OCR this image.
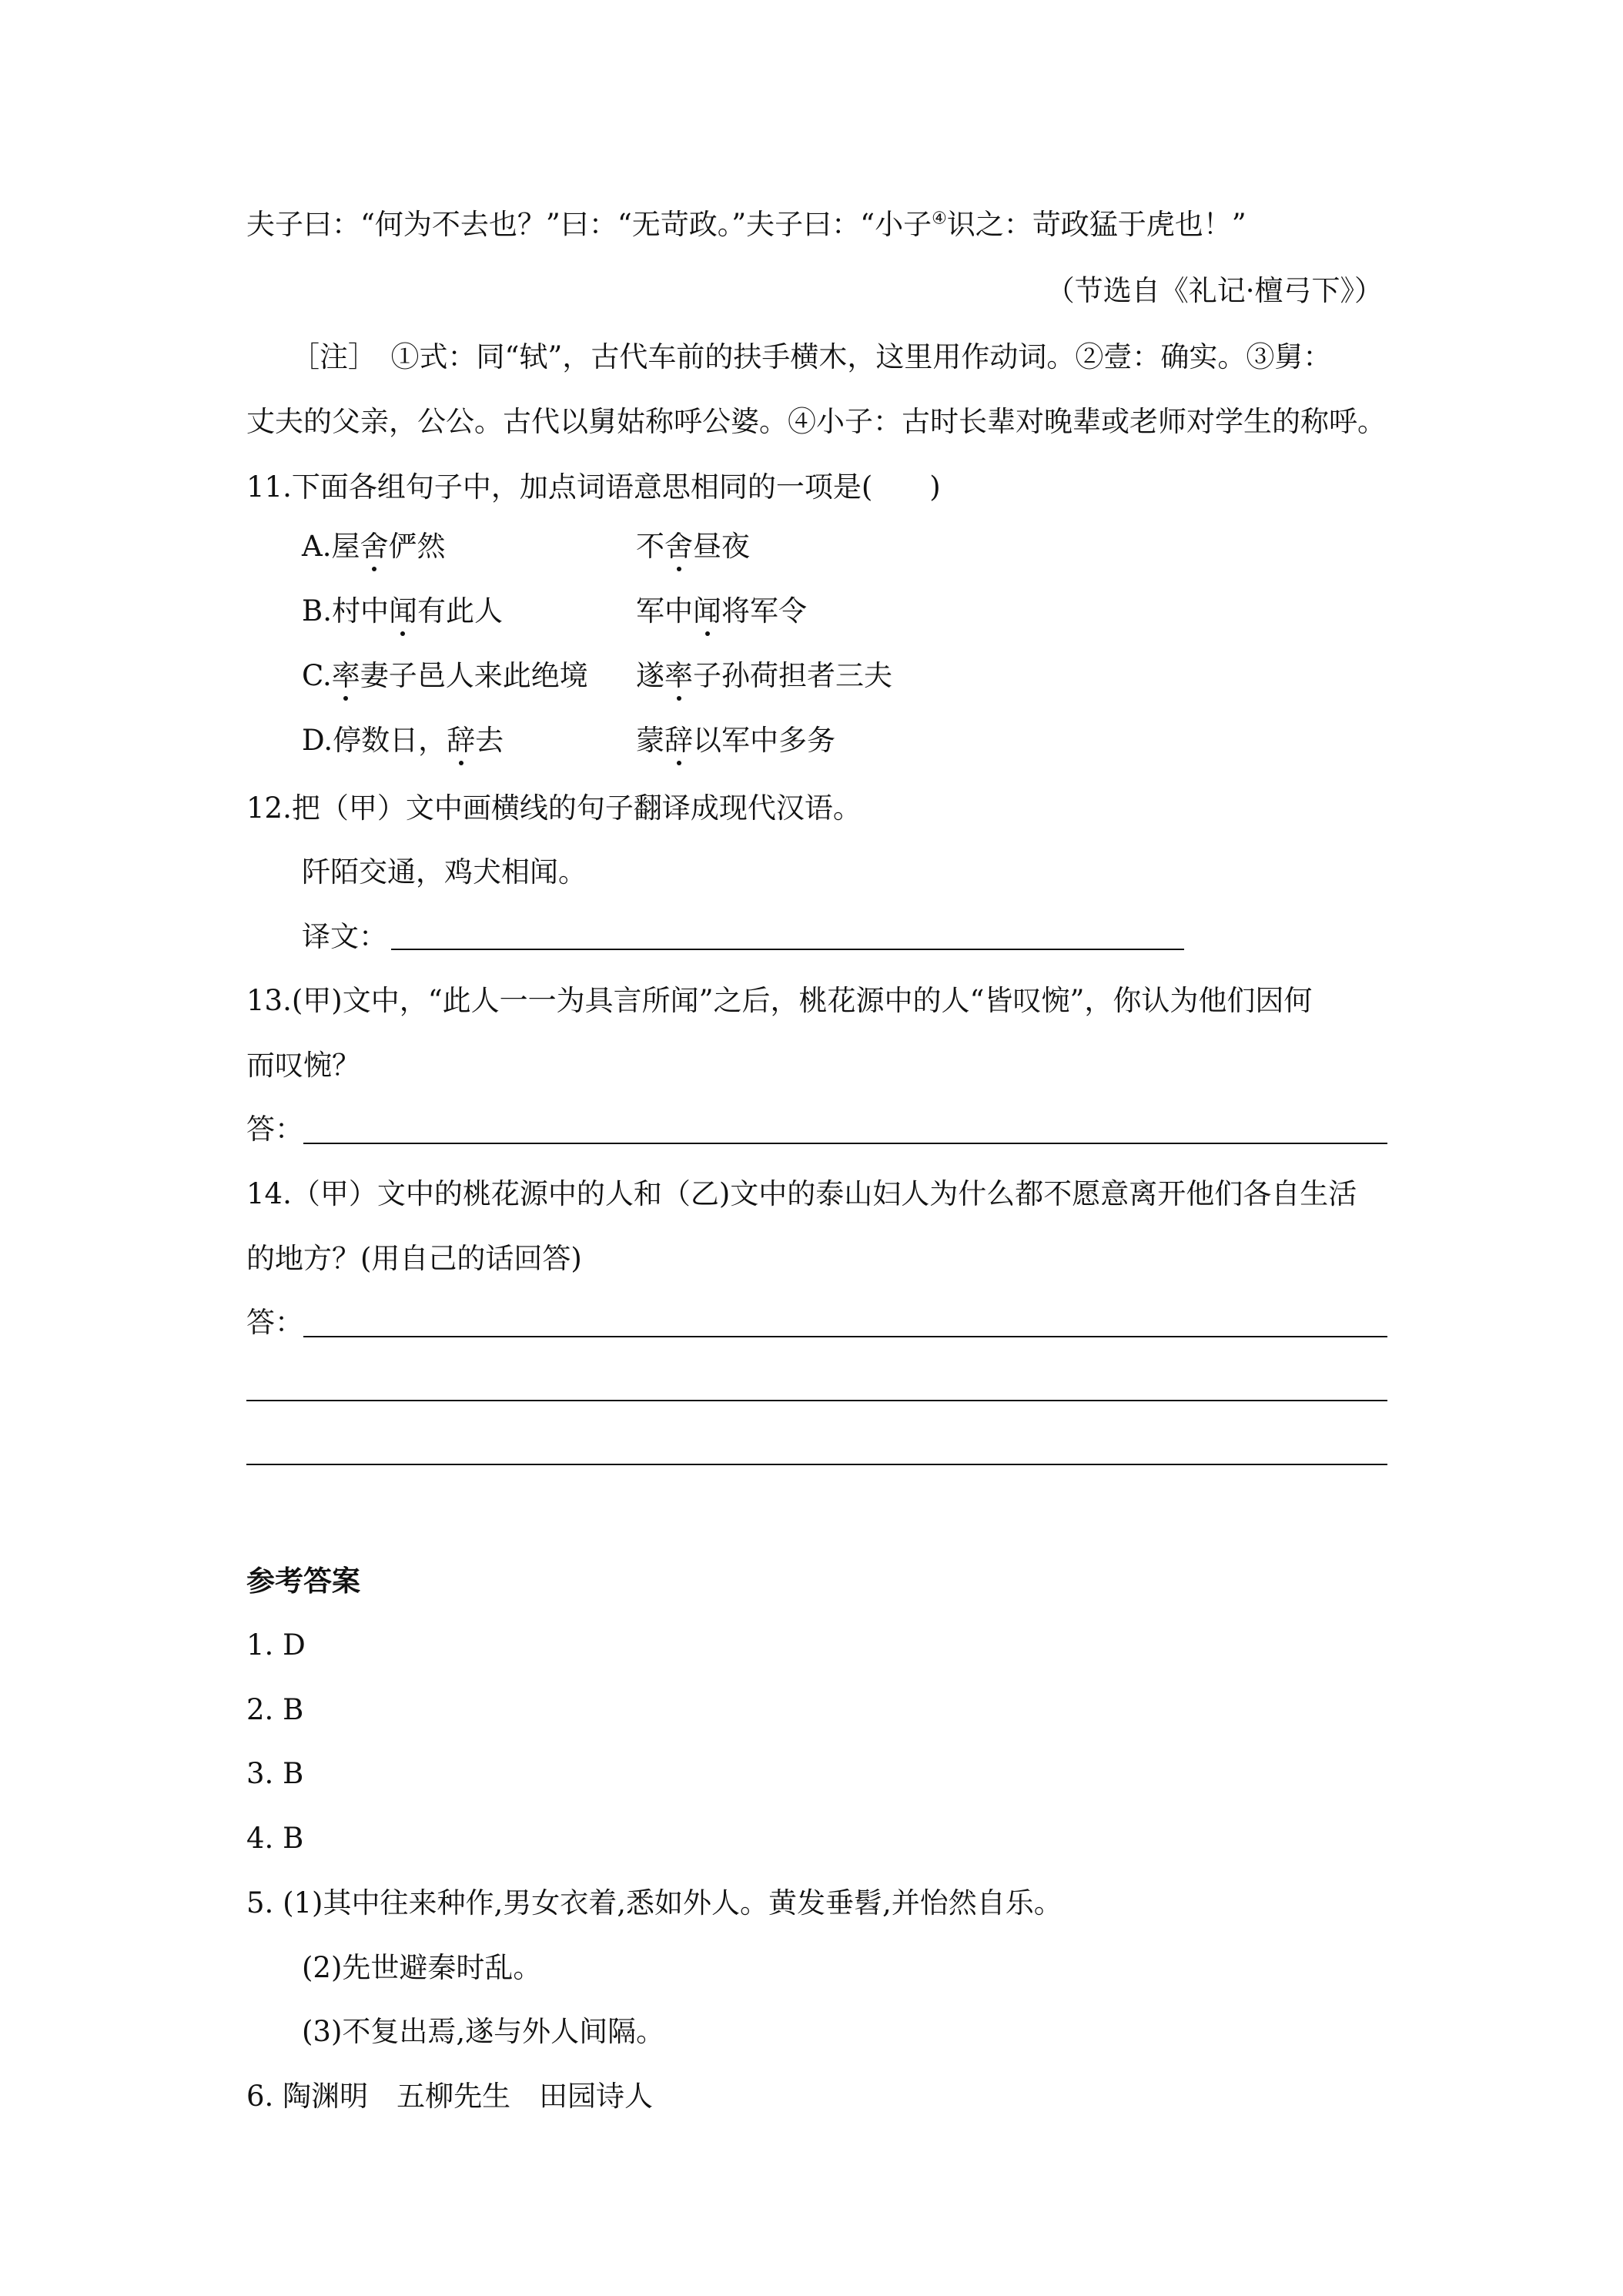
夫子曰：“何为不去也？”曰：“无苛政。”夫子曰：“小子④识之：苛政猛于虎也！”
（节选自《礼记·檀弓下》）
［注］　①式：同“轼”，古代车前的扶手横木，这里用作动词。②壹：确实。③舅：
丈夫的父亲，公公。古代以舅姑称呼公婆。④小子：古时长辈对晚辈或老师对学生的称呼。
11.下面各组句子中，加点词语意思相同的一项是(　　)
A.屋舍俨然	不舍昼夜
B.村中闻有此人	军中闻将军令
C.率妻子邑人来此绝境 遂率子孙荷担者三夫
D.停数日，辞去	蒙辞以军中多务
12.把（甲）文中画横线的句子翻译成现代汉语。
阡陌交通，鸡犬相闻。
译文：
13.(甲)文中，“此人一一为具言所闻”之后，桃花源中的人“皆叹惋”，你认为他们因何
而叹惋？
答：
14.（甲）文中的桃花源中的人和（乙)文中的泰山妇人为什么都不愿意离开他们各自生活
的地方？(用自己的话回答)
答：
参考答案
1. D
2. B
3. B
4. B
5. (1)其中往来种作,男女衣着,悉如外人。黄发垂髫,并怡然自乐。
(2)先世避秦时乱。
(3)不复出焉,遂与外人间隔。
6. 陶渊明　五柳先生　田园诗人
